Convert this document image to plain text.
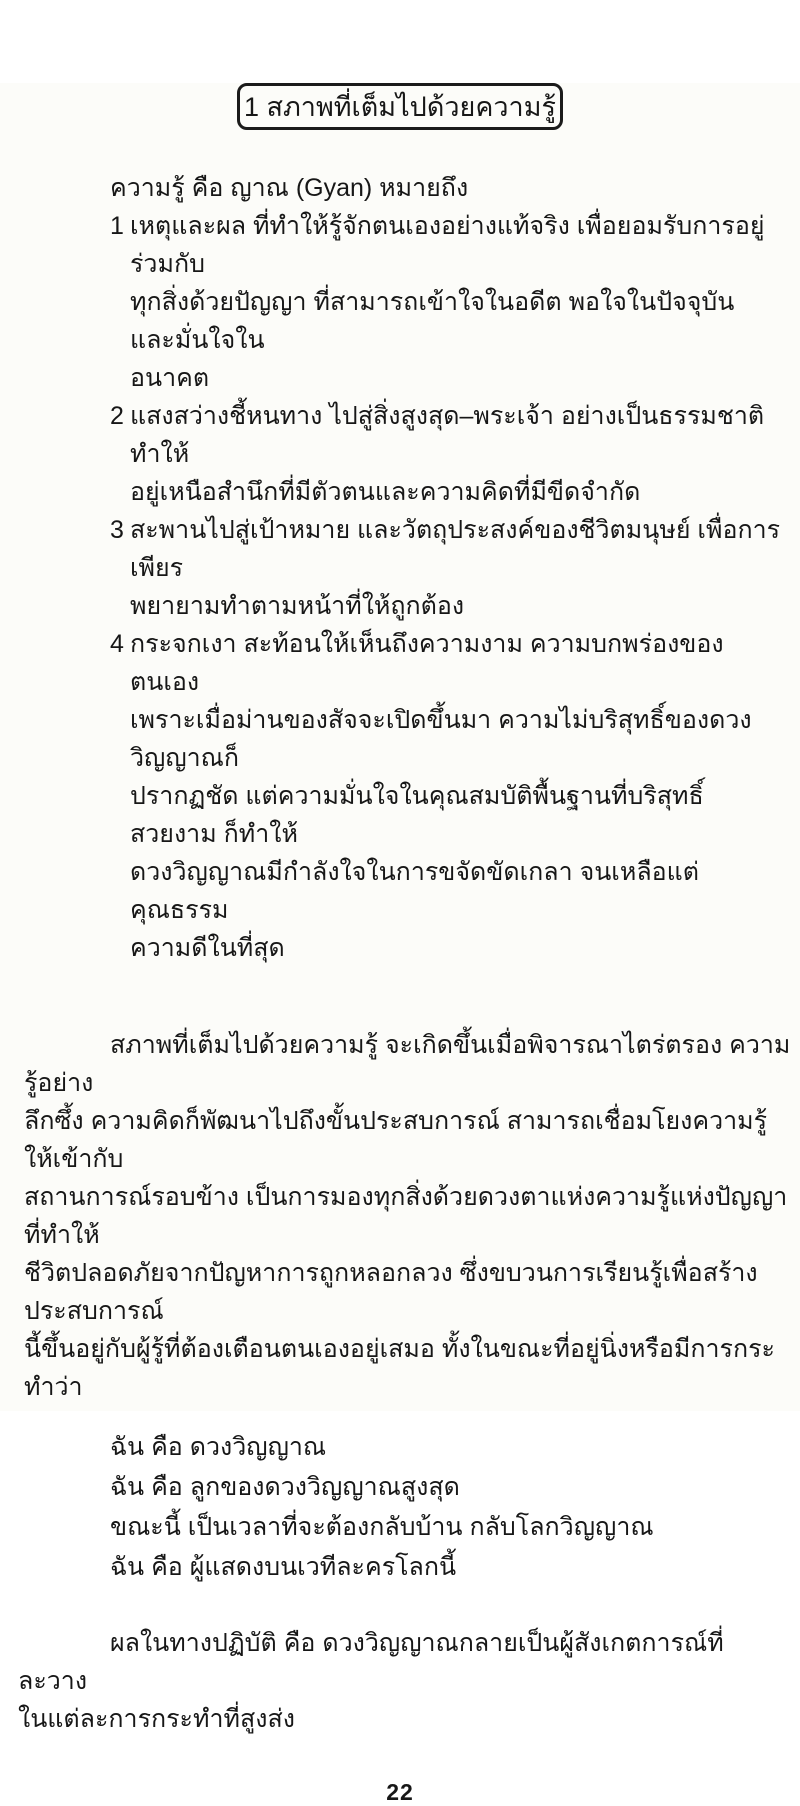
1 สภาพที่เต็มไปด้วยความรู้
ความรู้ คือ ญาณ (Gyan) หมายถึง
1 เหตุและผล ที่ทำให้รู้จักตนเองอย่างแท้จริง เพื่อยอมรับการอยู่ร่วมกับ
ทุกสิ่งด้วยปัญญา ที่สามารถเข้าใจในอดีต พอใจในปัจจุบัน และมั่นใจใน
อนาคต
2 แสงสว่างชี้หนทาง ไปสู่สิ่งสูงสุด–พระเจ้า อย่างเป็นธรรมชาติ ทำให้
อยู่เหนือสำนึกที่มีตัวตนและความคิดที่มีขีดจำกัด
3 สะพานไปสู่เป้าหมาย และวัตถุประสงค์ของชีวิตมนุษย์ เพื่อการเพียร
พยายามทำตามหน้าที่ให้ถูกต้อง
4 กระจกเงา สะท้อนให้เห็นถึงความงาม ความบกพร่องของตนเอง
เพราะเมื่อม่านของสัจจะเปิดขึ้นมา ความไม่บริสุทธิ์ของดวงวิญญาณก็
ปรากฏชัด แต่ความมั่นใจในคุณสมบัติพื้นฐานที่บริสุทธิ์สวยงาม ก็ทำให้
ดวงวิญญาณมีกำลังใจในการขจัดขัดเกลา จนเหลือแต่คุณธรรม
ความดีในที่สุด
สภาพที่เต็มไปด้วยความรู้ จะเกิดขึ้นเมื่อพิจารณาไตร่ตรอง ความรู้อย่าง
ลึกซึ้ง ความคิดก็พัฒนาไปถึงขั้นประสบการณ์ สามารถเชื่อมโยงความรู้ให้เข้ากับ
สถานการณ์รอบข้าง เป็นการมองทุกสิ่งด้วยดวงตาแห่งความรู้แห่งปัญญา ที่ทำให้
ชีวิตปลอดภัยจากปัญหาการถูกหลอกลวง ซึ่งขบวนการเรียนรู้เพื่อสร้างประสบการณ์
นี้ขึ้นอยู่กับผู้รู้ที่ต้องเตือนตนเองอยู่เสมอ ทั้งในขณะที่อยู่นิ่งหรือมีการกระทำว่า
ฉัน คือ ดวงวิญญาณ
ฉัน คือ ลูกของดวงวิญญาณสูงสุด
ขณะนี้ เป็นเวลาที่จะต้องกลับบ้าน กลับโลกวิญญาณ
ฉัน คือ ผู้แสดงบนเวทีละครโลกนี้
ผลในทางปฏิบัติ คือ ดวงวิญญาณกลายเป็นผู้สังเกตการณ์ที่ละวาง
ในแต่ละการกระทำที่สูงส่ง
22
